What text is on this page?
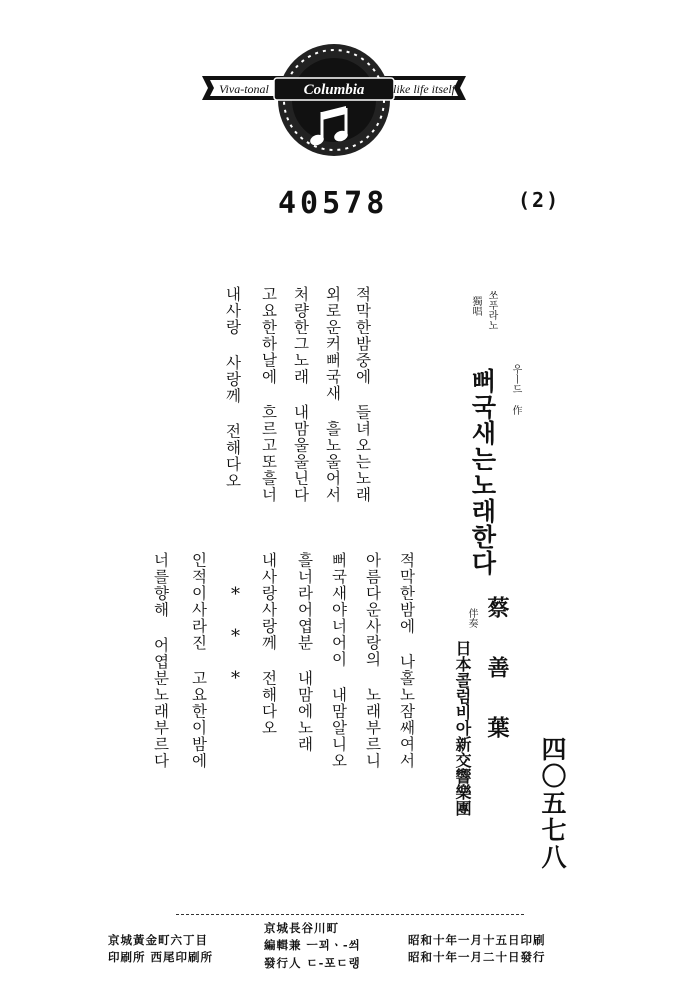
Columbia
Viva-tonal	like life itself
40578	(2)
쏘푸라노
獨唱
우ㅣ드 作
뻐국새는노래한다
蔡 善 葉
伴奏
日本콜럼비아新交響樂團	四〇五七八
적막한밤중에 들녀오는노래
외로운커뻐국새 흘노울어서
처량한그노래 내맘울울닌다
고요한하날에 흐르고또흘너
내사랑 사랑께 전해다오
적막한밤에 나홀노잠쌔여서
아름다운사랑의 노래부르니
뻐국새야너어이 내맘알니오
흘너라어엽분 내맘에노래
내사랑사랑께 전해다오
* * *
인적이사라진 고요한이밤에
너를향해 어엽분노래부르다
昭和十年一月十五日印刷
昭和十年一月二十日發行
京城長谷川町
編輯兼 ㅡ꾀ㆍ-씌
發行人 ㄷ-포ㄷ랭
京城黃金町六丁目
印刷所 西尾印刷所
